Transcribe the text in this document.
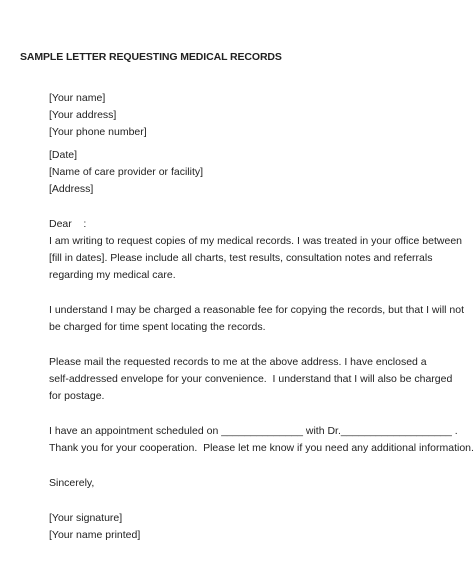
SAMPLE LETTER REQUESTING MEDICAL RECORDS
[Your name]
[Your address]
[Your phone number]
[Date]
[Name of care provider or facility]
[Address]
Dear    :
I am writing to request copies of my medical records. I was treated in your office between
[fill in dates]. Please include all charts, test results, consultation notes and referrals
regarding my medical care.
I understand I may be charged a reasonable fee for copying the records, but that I will not
be charged for time spent locating the records.
Please mail the requested records to me at the above address. I have enclosed a
self-addressed envelope for your convenience.  I understand that I will also be charged
for postage.
I have an appointment scheduled on ______________ with Dr.___________________ .
Thank you for your cooperation.  Please let me know if you need any additional information.
Sincerely,
[Your signature]
[Your name printed]
